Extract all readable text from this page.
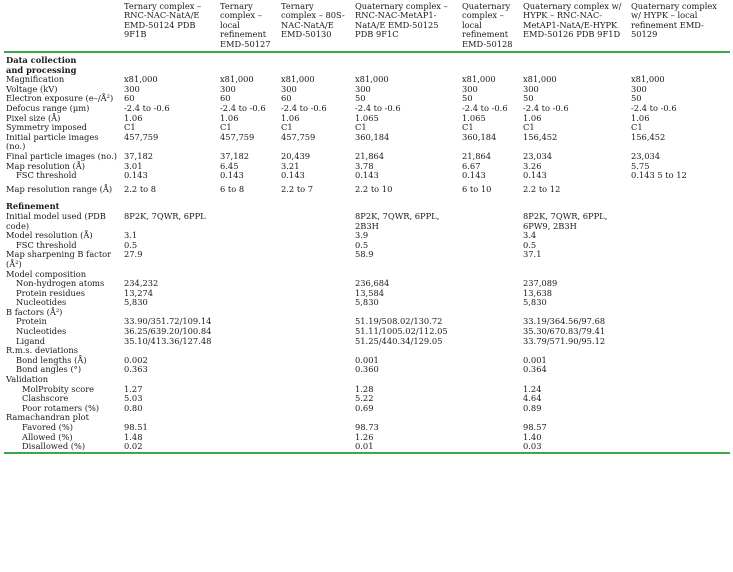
	Ternary complex – RNC-NAC-NatA/E EMD-50124 PDB 9F1B	Ternary complex – local refinement EMD-50127	Ternary complex – 80S-NAC-NatA/E EMD-50130	Quaternary complex – RNC-NAC-MetAP1-NatA/E EMD-50125 PDB 9F1C	Quaternary complex – local refinement EMD-50128	Quaternary complex w/ HYPK – RNC-NAC-MetAP1-NatA/E-HYPK EMD-50126 PDB 9F1D	Quaternary complex w/ HYPK – local refinement EMD-50129
Data collection and processing							
Magnification	x81,000	x81,000	x81,000	x81,000	x81,000	x81,000	x81,000
Voltage (kV)	300	300	300	300	300	300	300
Electron exposure (e–/Å²)	60	60	60	50	50	50	50
Defocus range (μm)	-2.4 to -0.6	-2.4 to -0.6	-2.4 to -0.6	-2.4 to -0.6	-2.4 to -0.6	-2.4 to -0.6	-2.4 to -0.6
Pixel size (Å)	1.06	1.06	1.06	1.065	1.065	1.06	1.06
Symmetry imposed	C1	C1	C1	C1	C1	C1	C1
Initial particle images (no.)	457,759	457,759	457,759	360,184	360,184	156,452	156,452
Final particle images (no.)	37,182	37,182	20,439	21,864	21,864	23,034	23,034
Map resolution (Å)	3.01	6.45	3.21	3.78	6.67	3.26	5.75
FSC threshold	0.143	0.143	0.143	0.143	0.143	0.143	0.143 5 to 12
Map resolution range (Å)	2.2 to 8	6 to 8	2.2 to 7	2.2 to 10	6 to 10	2.2 to 12	
Refinement							
Initial model used (PDB code)	8P2K, 7QWR, 6PPL			8P2K, 7QWR, 6PPL, 2B3H		8P2K, 7QWR, 6PPL, 6PW9, 2B3H	
Model resolution (Å)	3.1			3.9		3.4	
FSC threshold	0.5			0.5		0.5	
Map sharpening B factor (Å²)	27.9			58.9		37.1	
Model composition							
Non-hydrogen atoms	234,232			236,684		237,089	
Protein residues	13,274			13,584		13,638	
Nucleotides	5,830			5,830		5,830	
B factors (Å²)							
Protein	33.90/351.72/109.14			51.19/508.02/130.72		33.19/364.56/97.68	
Nucleotides	36.25/639.20/100.84			51.11/1005.02/112.05		35.30/670.83/79.41	
Ligand	35.10/413.36/127.48			51.25/440.34/129.05		33.79/571.90/95.12	
R.m.s. deviations							
Bond lengths (Å)	0.002			0.001		0.001	
Bond angles (°)	0.363			0.360		0.364	
Validation							
MolProbity score	1.27			1.28		1.24	
Clashscore	5.03			5.22		4.64	
Poor rotamers (%)	0.80			0.69		0.89	
Ramachandran plot							
Favored (%)	98.51			98.73		98.57	
Allowed (%)	1.48			1.26		1.40	
Disallowed (%)	0.02			0.01		0.03	
